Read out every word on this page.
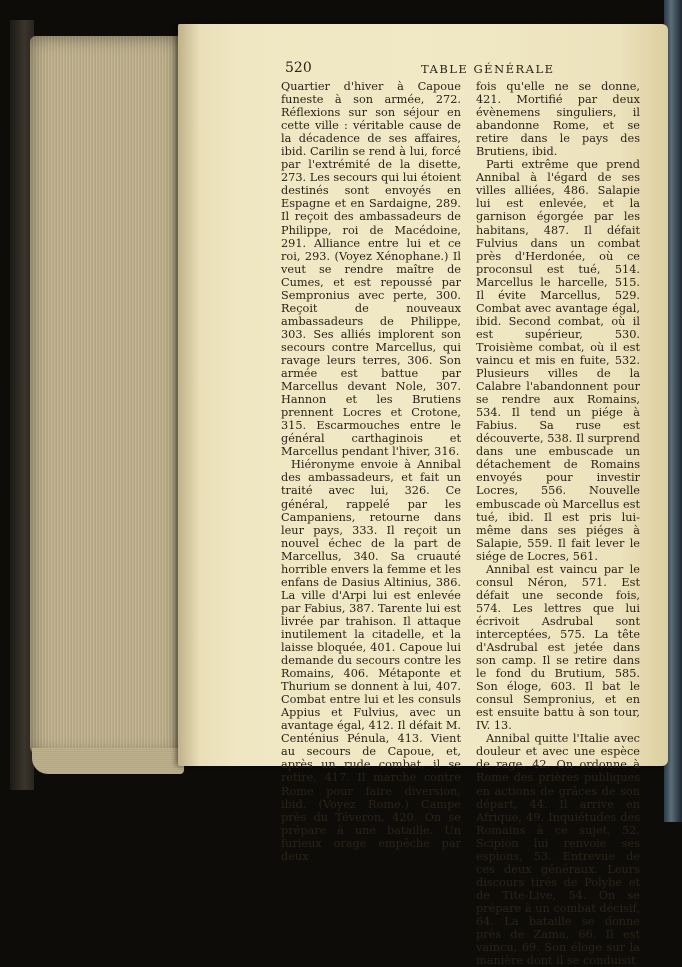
520	TABLE GÉNÉRALE

Quartier d'hiver à Capoue funeste à son armée, 272. Réflexions sur son séjour en cette ville : véritable cause de la décadence de ses affaires, ibid. Carilin se rend à lui, forcé par l'extrémité de la disette, 273. Les secours qui lui étoient destinés sont envoyés en Espagne et en Sardaigne, 289. Il reçoit des ambassadeurs de Philippe, roi de Macédoine, 291. Alliance entre lui et ce roi, 293. (Voyez Xénophane.) Il veut se rendre maître de Cumes, et est repoussé par Sempronius avec perte, 300. Reçoit de nouveaux ambassadeurs de Philippe, 303. Ses alliés implorent son secours contre Marcellus, qui ravage leurs terres, 306. Son armée est battue par Marcellus devant Nole, 307. Hannon et les Brutiens prennent Locres et Crotone, 315. Escarmouches entre le général carthaginois et Marcellus pendant l'hiver, 316.

Hiéronyme envoie à Annibal des ambassadeurs, et fait un traité avec lui, 326. Ce général, rappelé par les Campaniens, retourne dans leur pays, 333. Il reçoit un nouvel échec de la part de Marcellus, 340. Sa cruauté horrible envers la femme et les enfans de Dasius Altinius, 386. La ville d'Arpi lui est enlevée par Fabius, 387. Tarente lui est livrée par trahison. Il attaque inutilement la citadelle, et la laisse bloquée, 401. Capoue lui demande du secours contre les Romains, 406. Métaponte et Thurium se donnent à lui, 407. Combat entre lui et les consuls Appius et Fulvius, avec un avantage égal, 412. Il défait M. Centénius Pénula, 413. Vient au secours de Capoue, et, après un rude combat, il se retire, 417. Il marche contre Rome pour faire diversion, ibid. (Voyez Rome.) Campe près du Téveron, 420. On se prépare à une bataille. Un furieux orage empêche par deux

fois qu'elle ne se donne, 421. Mortifié par deux évènemens singuliers, il abandonne Rome, et se retire dans le pays des Brutiens, ibid.

Parti extrême que prend Annibal à l'égard de ses villes alliées, 486. Salapie lui est enlevée, et la garnison égorgée par les habitans, 487. Il défait Fulvius dans un combat près d'Herdonée, où ce proconsul est tué, 514. Marcellus le harcelle, 515. Il évite Marcellus, 529. Combat avec avantage égal, ibid. Second combat, où il est supérieur, 530. Troisième combat, où il est vaincu et mis en fuite, 532. Plusieurs villes de la Calabre l'abandonnent pour se rendre aux Romains, 534. Il tend un piége à Fabius. Sa ruse est découverte, 538. Il surprend dans une embuscade un détachement de Romains envoyés pour investir Locres, 556. Nouvelle embuscade où Marcellus est tué, ibid. Il est pris lui-même dans ses piéges à Salapie, 559. Il fait lever le siége de Locres, 561.

Annibal est vaincu par le consul Néron, 571. Est défait une seconde fois, 574. Les lettres que lui écrivoit Asdrubal sont interceptées, 575. La tête d'Asdrubal est jetée dans son camp. Il se retire dans le fond du Brutium, 585. Son éloge, 603. Il bat le consul Sempronius, et en est ensuite battu à son tour, IV. 13.

Annibal quitte l'Italie avec douleur et avec une espèce de rage, 42. On ordonne à Rome des prières publiques en actions de grâces de son départ, 44. Il arrive en Afrique, 49. Inquiétudes des Romains à ce sujet, 52. Scipion lui renvoie ses espions, 53. Entrevue de ces deux généraux. Leurs discours tirés de Polybe et de Tite-Live, 54. On se prépare à un combat décisif, 64. La bataille se donne près de Zama, 66. Il est vaincu, 69. Son éloge sur la manière dont il se conduisit
